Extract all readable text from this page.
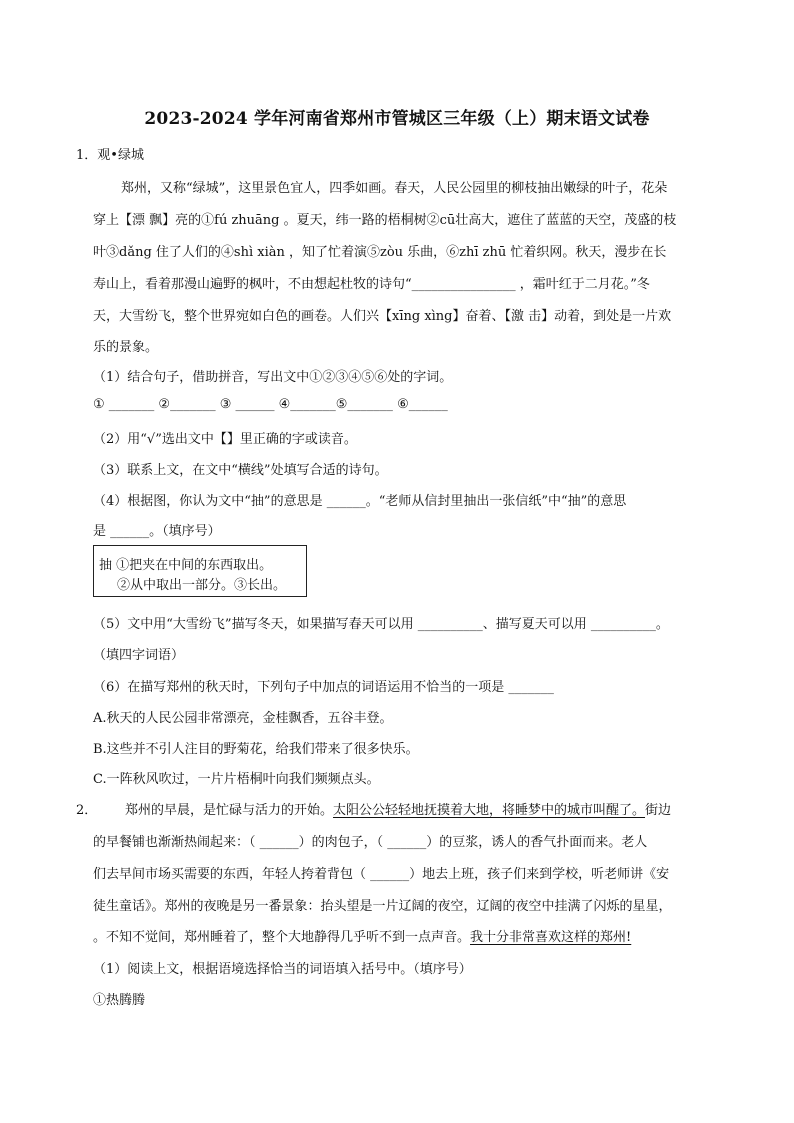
2023-2024 学年河南省郑州市管城区三年级（上）期末语文试卷
1．观•绿城
郑州，又称“绿城”，这里景色宜人，四季如画。春天，人民公园里的柳枝抽出嫩绿的叶子，花朵
穿上【漂 飘】亮的①fú zhuāng 。夏天，纬一路的梧桐树②cū壮高大，遮住了蓝蓝的天空，茂盛的枝
叶③dǎng 住了人们的④shì xiàn ，知了忙着演⑤zòu 乐曲，⑥zhī zhū 忙着织网。秋天，漫步在长
寿山上，看着那漫山遍野的枫叶，不由想起杜牧的诗句“________________ ，霜叶红于二月花。”冬
天，大雪纷飞，整个世界宛如白色的画卷。人们兴【xīng xìng】奋着、【激 击】动着，到处是一片欢
乐的景象。
（1）结合句子，借助拼音，写出文中①②③④⑤⑥处的字词。
① _______ ②_______ ③ ______ ④_______⑤_______ ⑥______
（2）用“√”选出文中【】里正确的字或读音。
（3）联系上文，在文中“横线”处填写合适的诗句。
（4）根据图，你认为文中“抽”的意思是 ______。“老师从信封里抽出一张信纸”中“抽”的意思
是 ______。（填序号）
抽 ①把夹在中间的东西取出。
②从中取出一部分。③长出。
（5）文中用“大雪纷飞”描写冬天，如果描写春天可以用 __________、描写夏天可以用 __________。
（填四字词语）
（6）在描写郑州的秋天时，下列句子中加点的词语运用不恰当的一项是 _______
A.秋天的人民公园非常漂亮，金桂飘香，五谷丰登。
B.这些并不引人注目的野菊花，给我们带来了很多快乐。
C.一阵秋风吹过，一片片梧桐叶向我们频频点头。
2．	郑州的早晨，是忙碌与活力的开始。太阳公公轻轻地抚摸着大地，将睡梦中的城市叫醒了。街边
的早餐铺也渐渐热闹起来：（ ______）的肉包子，（ ______）的豆浆，诱人的香气扑面而来。老人
们去早间市场买需要的东西，年轻人挎着背包（ ______）地去上班，孩子们来到学校，听老师讲《安
徒生童话》。郑州的夜晚是另一番景象：抬头望是一片辽阔的夜空，辽阔的夜空中挂满了闪烁的星星，
。不知不觉间，郑州睡着了，整个大地静得几乎听不到一点声音。我十分非常喜欢这样的郑州!
（1）阅读上文，根据语境选择恰当的词语填入括号中。（填序号）
①热腾腾
